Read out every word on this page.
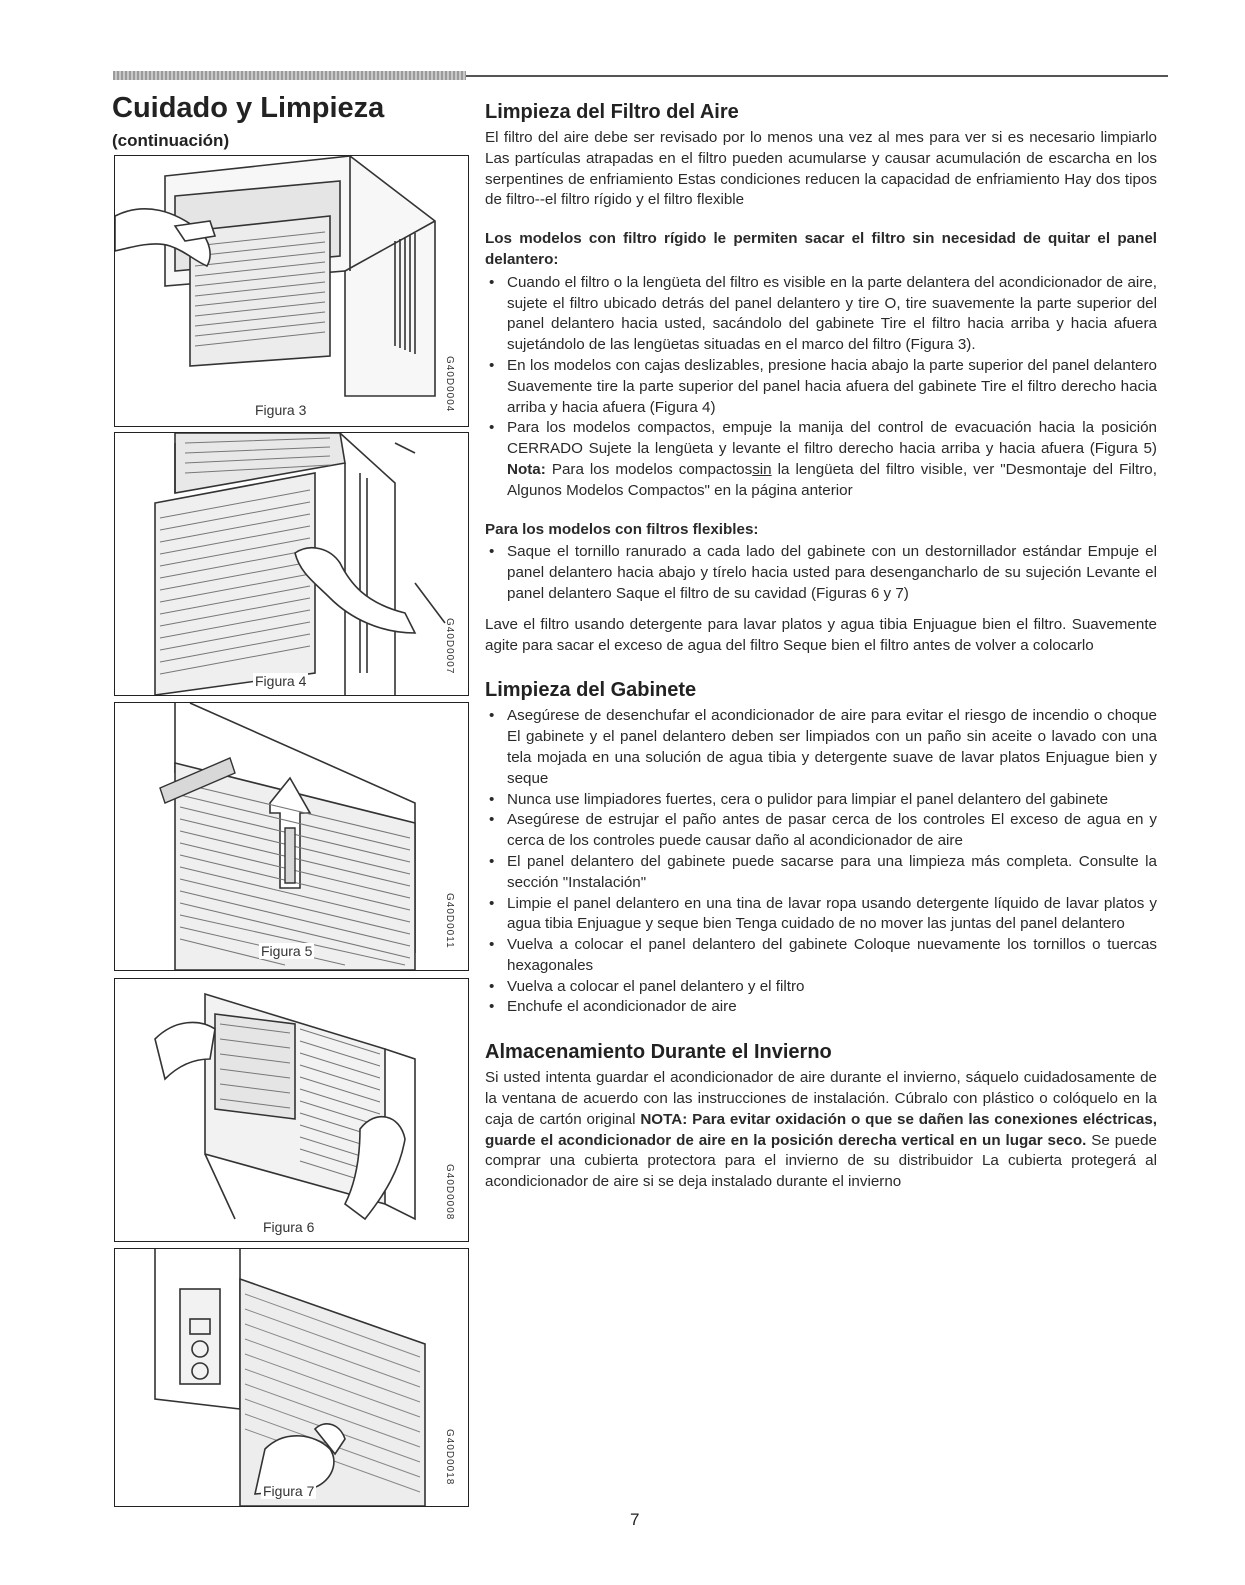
Cuidado y Limpieza
(continuación)
Figura 3	G40D0004
Figura 4
G40D0007
Figura 5
G40D0011
Figura 6
G40D0008
Figura 7
G40D0018
Limpieza del Filtro del Aire

El filtro del aire debe ser revisado por lo menos una vez al mes para ver si es necesario limpiarlo Las partículas atrapadas en el filtro pueden acumularse y causar acumulación de escarcha en los serpentines de enfriamiento Estas condiciones reducen la capacidad de enfriamiento Hay dos tipos de filtro--el filtro rígido y el filtro flexible

Los modelos con filtro rígido le permiten sacar el filtro sin necesidad de quitar el panel delantero:

• Cuando el filtro o la lengüeta del filtro es visible en la parte delantera del acondicionador de aire, sujete el filtro ubicado detrás del panel delantero y tire O, tire suavemente la parte superior del panel delantero hacia usted, sacándolo del gabinete Tire el filtro hacia arriba y hacia afuera sujetándolo de las lengüetas situadas en el marco del filtro (Figura 3).
• En los modelos con cajas deslizables, presione hacia abajo la parte superior del panel delantero Suavemente tire la parte superior del panel hacia afuera del gabinete Tire el filtro derecho hacia arriba y hacia afuera (Figura 4)
• Para los modelos compactos, empuje la manija del control de evacuación hacia la posición CERRADO Sujete la lengüeta y levante el filtro derecho hacia arriba y hacia afuera (Figura 5) Nota: Para los modelos compactossin la lengüeta del filtro visible, ver "Desmontaje del Filtro, Algunos Modelos Compactos" en la página anterior

Para los modelos con filtros flexibles:

• Saque el tornillo ranurado a cada lado del gabinete con un destornillador estándar Empuje el panel delantero hacia abajo y tírelo hacia usted para desengancharlo de su sujeción Levante el panel delantero Saque el filtro de su cavidad (Figuras 6 y 7)

Lave el filtro usando detergente para lavar platos y agua tibia Enjuague bien el filtro. Suavemente agite para sacar el exceso de agua del filtro Seque bien el filtro antes de volver a colocarlo

Limpieza del Gabinete
• Asegúrese de desenchufar el acondicionador de aire para evitar el riesgo de incendio o choque El gabinete y el panel delantero deben ser limpiados con un paño sin aceite o lavado con una tela mojada en una solución de agua tibia y detergente suave de lavar platos Enjuague bien y seque
• Nunca use limpiadores fuertes, cera o pulidor para limpiar el panel delantero del gabinete
• Asegúrese de estrujar el paño antes de pasar cerca de los controles El exceso de agua en y cerca de los controles puede causar daño al acondicionador de aire
• El panel delantero del gabinete puede sacarse para una limpieza más completa. Consulte la sección "Instalación"
• Limpie el panel delantero en una tina de lavar ropa usando detergente líquido de lavar platos y agua tibia Enjuague y seque bien Tenga cuidado de no mover las juntas del panel delantero
• Vuelva a colocar el panel delantero del gabinete Coloque nuevamente los tornillos o tuercas hexagonales
• Vuelva a colocar el panel delantero y el filtro
• Enchufe el acondicionador de aire
Almacenamiento Durante el Invierno

Si usted intenta guardar el acondicionador de aire durante el invierno, sáquelo cuidadosamente de la ventana de acuerdo con las instrucciones de instalación. Cúbralo con plástico o colóquelo en la caja de cartón original NOTA: Para evitar oxidación o que se dañen las conexiones eléctricas, guarde el acondicionador de aire en la posición derecha vertical en un lugar seco. Se puede comprar una cubierta protectora para el invierno de su distribuidor La cubierta protegerá al acondicionador de aire si se deja instalado durante el invierno

7
